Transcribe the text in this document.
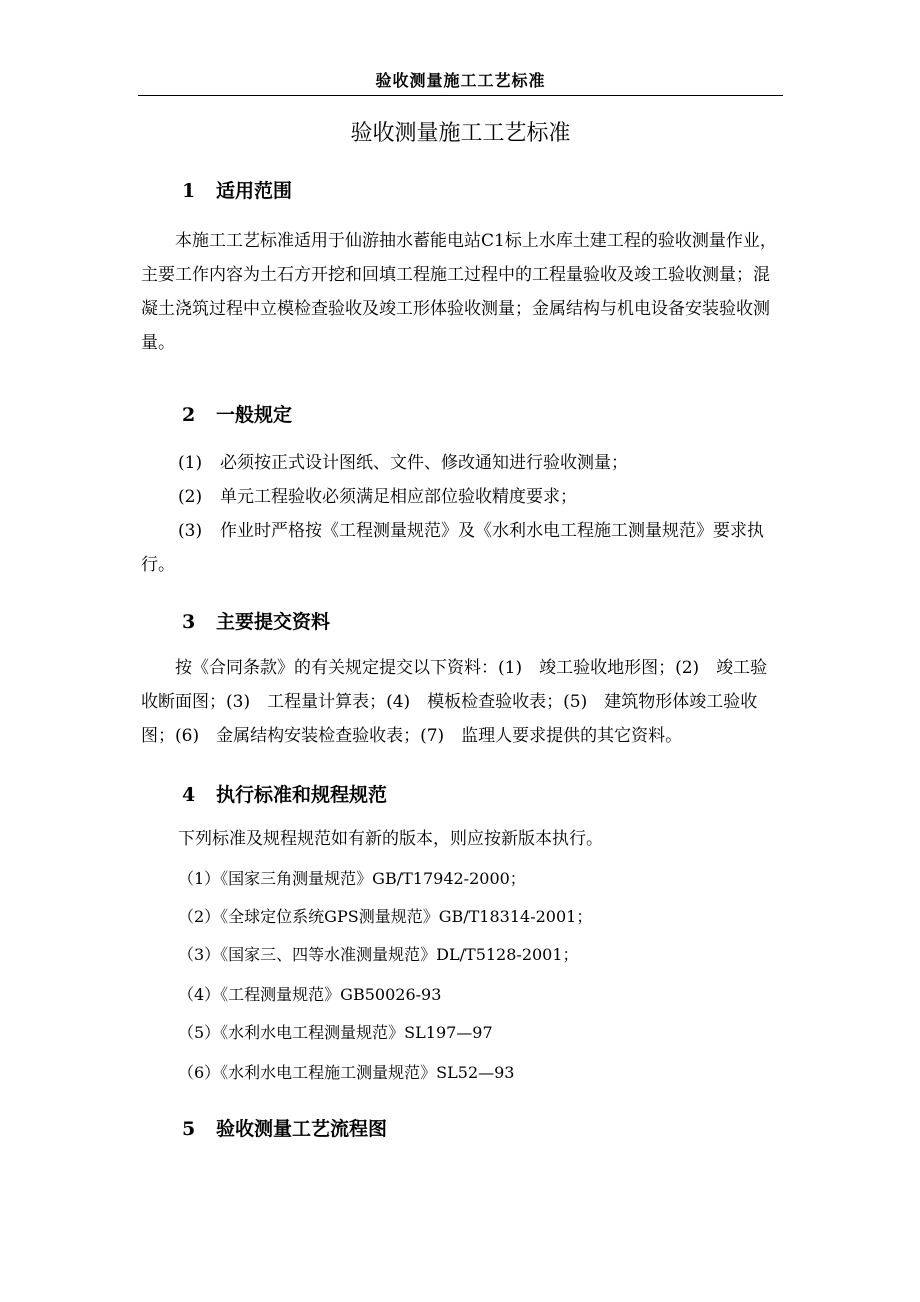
验收测量施工工艺标准
验收测量施工工艺标准
1 适用范围
本施工工艺标准适用于仙游抽水蓄能电站C1标上水库土建工程的验收测量作业，主要工作内容为土石方开挖和回填工程施工过程中的工程量验收及竣工验收测量；混凝土浇筑过程中立模检查验收及竣工形体验收测量；金属结构与机电设备安装验收测量。
2 一般规定
(1) 必须按正式设计图纸、文件、修改通知进行验收测量；
(2) 单元工程验收必须满足相应部位验收精度要求；
(3) 作业时严格按《工程测量规范》及《水利水电工程施工测量规范》要求执行。
3 主要提交资料
按《合同条款》的有关规定提交以下资料：(1)　竣工验收地形图；(2)　竣工验收断面图；(3)　工程量计算表；(4)　模板检查验收表；(5)　建筑物形体竣工验收图；(6)　金属结构安装检查验收表；(7)　监理人要求提供的其它资料。
4 执行标准和规程规范
下列标准及规程规范如有新的版本，则应按新版本执行。
（1）《国家三角测量规范》GB/T17942-2000；
（2）《全球定位系统GPS测量规范》GB/T18314-2001；
（3）《国家三、四等水准测量规范》DL/T5128-2001；
（4）《工程测量规范》GB50026-93
（5）《水利水电工程测量规范》SL197—97
（6）《水利水电工程施工测量规范》SL52—93
5 验收测量工艺流程图
